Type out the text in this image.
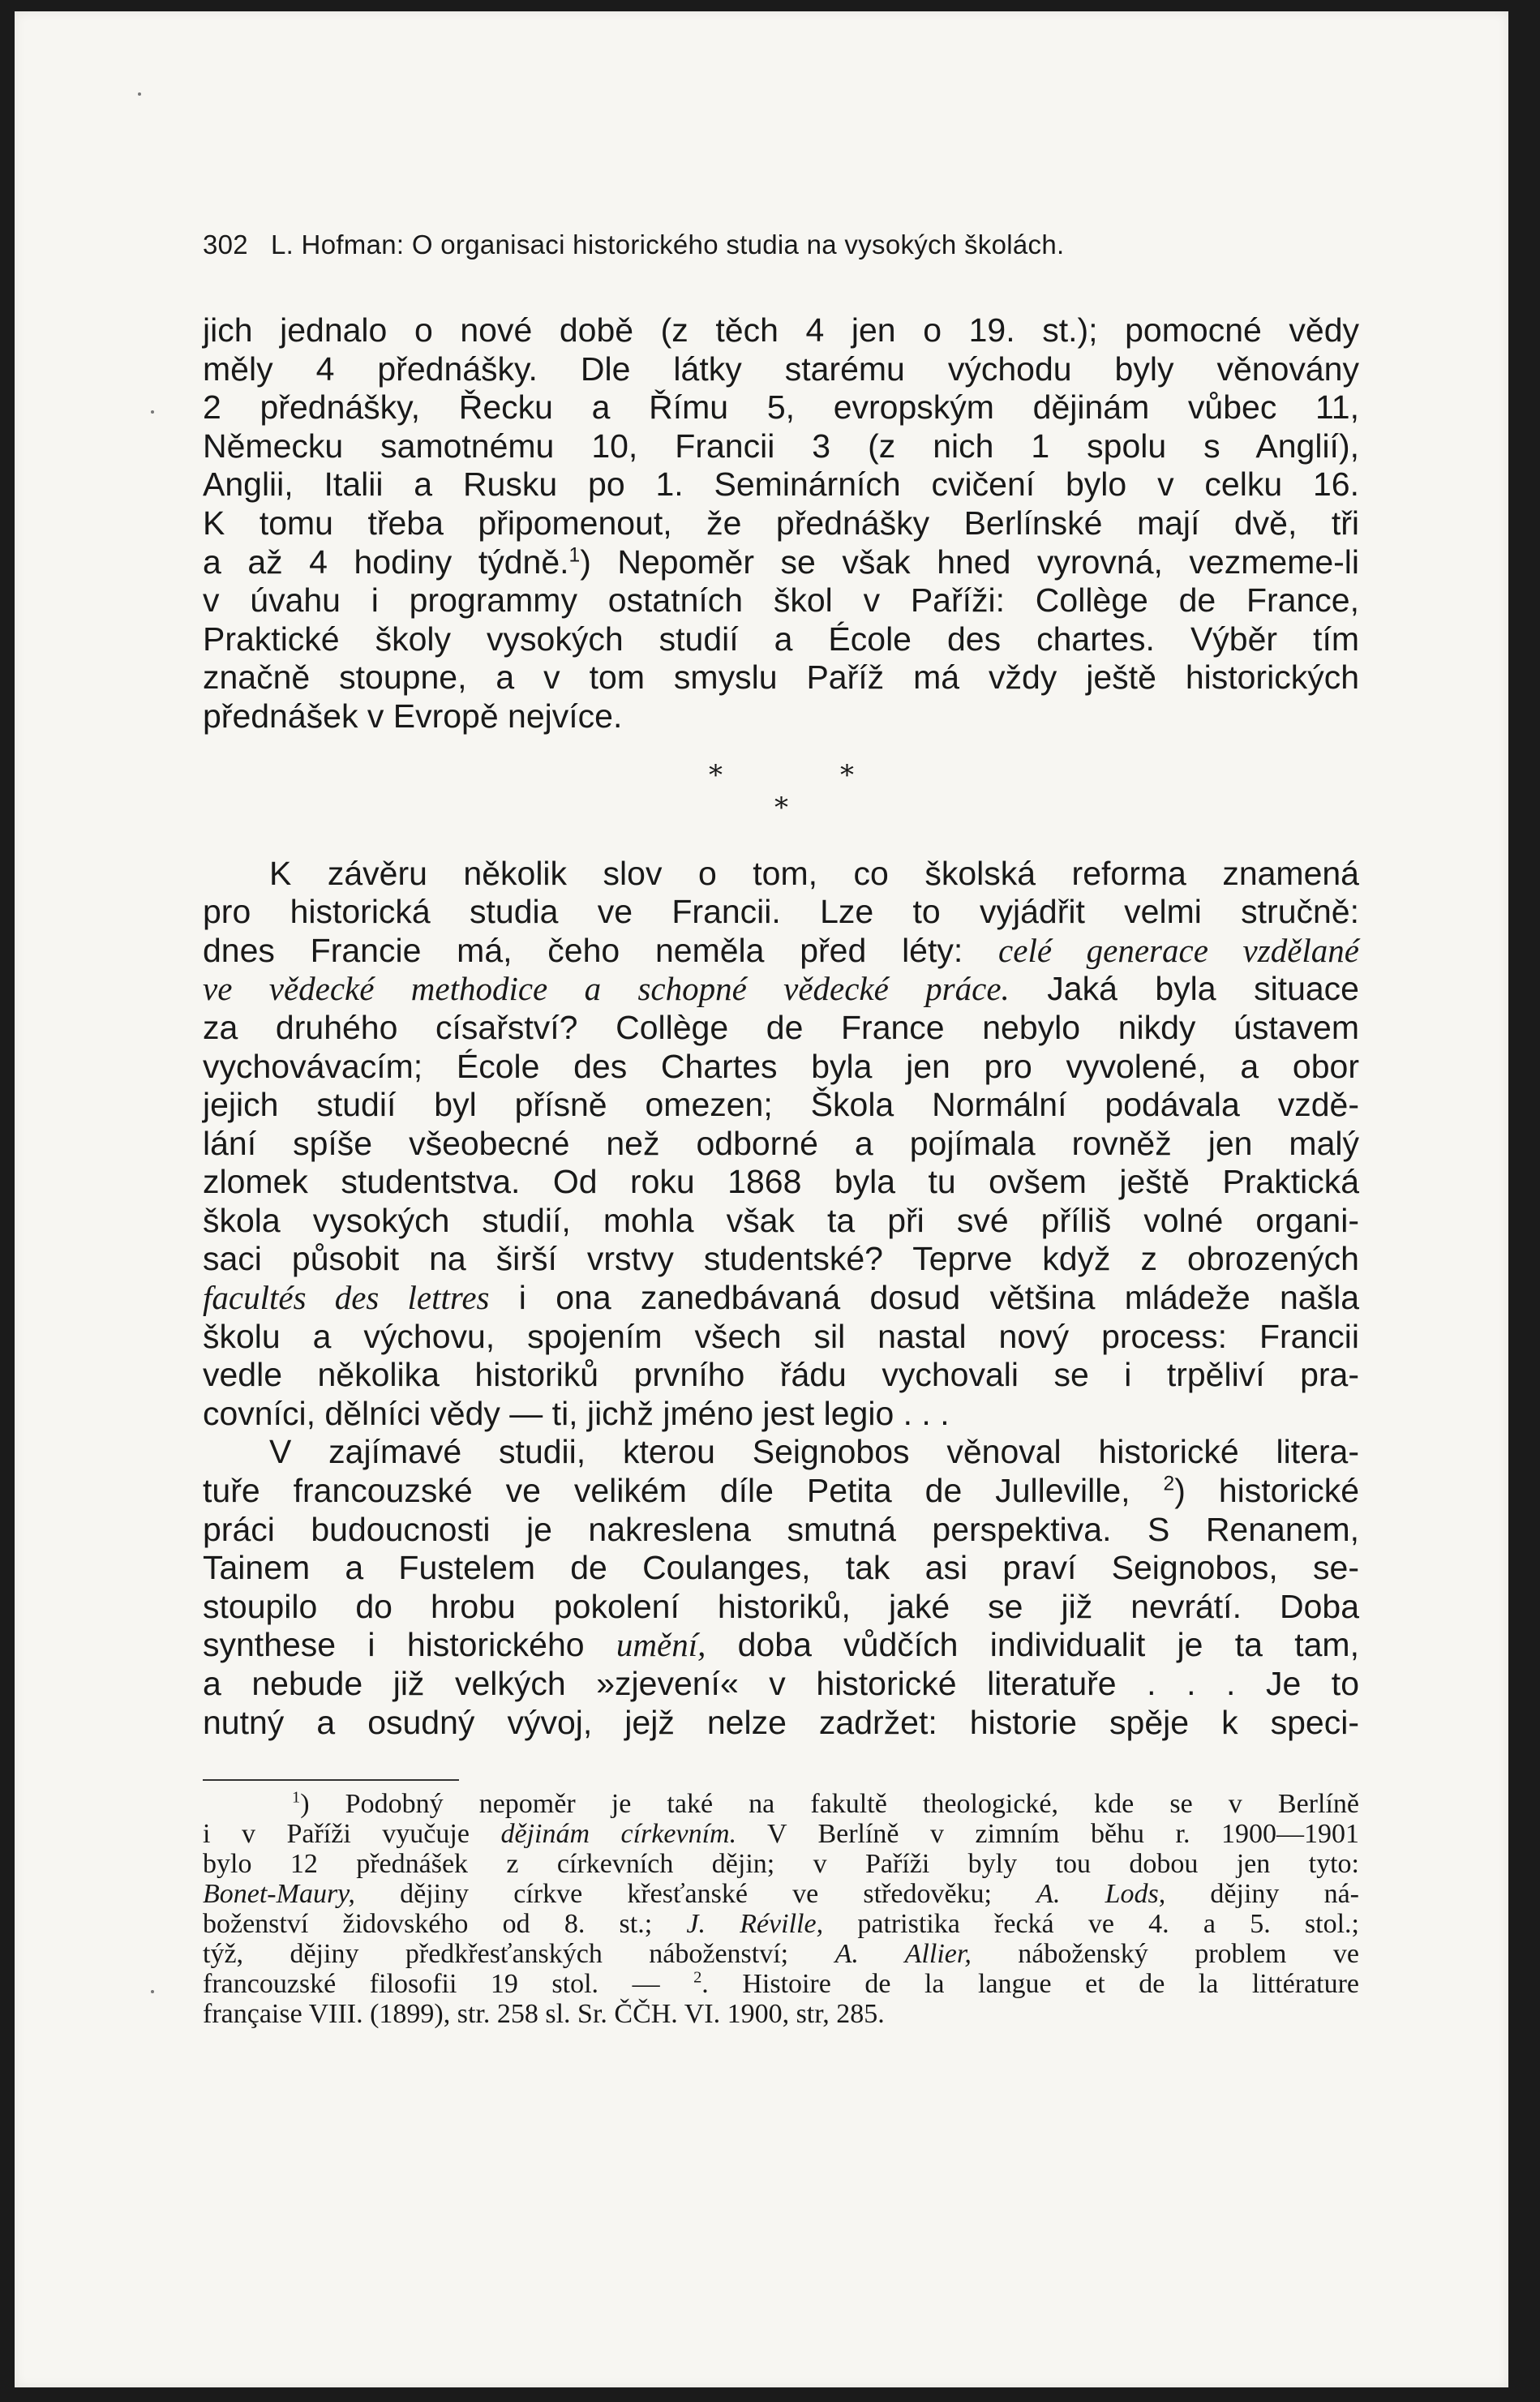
302 L. Hofman: O organisaci historického studia na vysokých školách.
jich jednalo o nové době (z těch 4 jen o 19. st.); pomocné vědy
měly 4 přednášky. Dle látky starému východu byly věnovány
2 přednášky, Řecku a Římu 5, evropským dějinám vůbec 11,
Německu samotnému 10, Francii 3 (z nich 1 spolu s Anglií),
Anglii, Italii a Rusku po 1. Seminárních cvičení bylo v celku 16.
K tomu třeba připomenout, že přednášky Berlínské mají dvě, tři
a až 4 hodiny týdně.$^1$) Nepoměr se však hned vyrovná, vezmeme-li
v úvahu i programmy ostatních škol v Paříži: Collège de France,
Praktické školy vysokých studií a École des chartes. Výběr tím
značně stoupne, a v tom smyslu Paříž má vždy ještě historických
přednášek v Evropě nejvíce.
*	*
*
K závěru několik slov o tom, co školská reforma znamená
pro historická studia ve Francii. Lze to vyjádřit velmi stručně:
dnes Francie má, čeho neměla před léty: celé generace vzdělané
ve vědecké methodice a schopné vědecké práce. Jaká byla situace
za druhého císařství? Collège de France nebylo nikdy ústavem
vychovávacím; École des Chartes byla jen pro vyvolené, a obor
jejich studií byl přísně omezen; Škola Normální podávala vzdě-
lání spíše všeobecné než odborné a pojímala rovněž jen malý
zlomek studentstva. Od roku 1868 byla tu ovšem ještě Praktická
škola vysokých studií, mohla však ta při své příliš volné organi-
saci působit na širší vrstvy studentské? Teprve když z obrozených
facultés des lettres i ona zanedbávaná dosud většina mládeže našla
školu a výchovu, spojením všech sil nastal nový process: Francii
vedle několika historiků prvního řádu vychovali se i trpěliví pra-
covníci, dělníci vědy — ti, jichž jméno jest legio . . .
V zajímavé studii, kterou Seignobos věnoval historické litera-
tuře francouzské ve velikém díle Petita de Julleville, $^2$) historické
práci budoucnosti je nakreslena smutná perspektiva. S Renanem,
Tainem a Fustelem de Coulanges, tak asi praví Seignobos, se-
stoupilo do hrobu pokolení historiků, jaké se již nevrátí. Doba
synthese i historického umění, doba vůdčích individualit je ta tam,
a nebude již velkých »zjevení« v historické literatuře . . . Je to
nutný a osudný vývoj, jejž nelze zadržet: historie spěje k speci-
$^1$) Podobný nepoměr je také na fakultě theologické, kde se v Berlíně
i v Paříži vyučuje dějinám církevním. V Berlíně v zimním běhu r. 1900—1901
bylo 12 přednášek z církevních dějin; v Paříži byly tou dobou jen tyto:
Bonet-Maury, dějiny církve křesťanské ve středověku; A. Lods, dějiny ná-
boženství židovského od 8. st.; J. Réville, patristika řecká ve 4. a 5. stol.;
týž, dějiny předkřesťanských náboženství; A. Allier, náboženský problem ve
francouzské filosofii 19 stol. — $^2$. Histoire de la langue et de la littérature
française VIII. (1899), str. 258 sl. Sr. ČČH. VI. 1900, str, 285.
